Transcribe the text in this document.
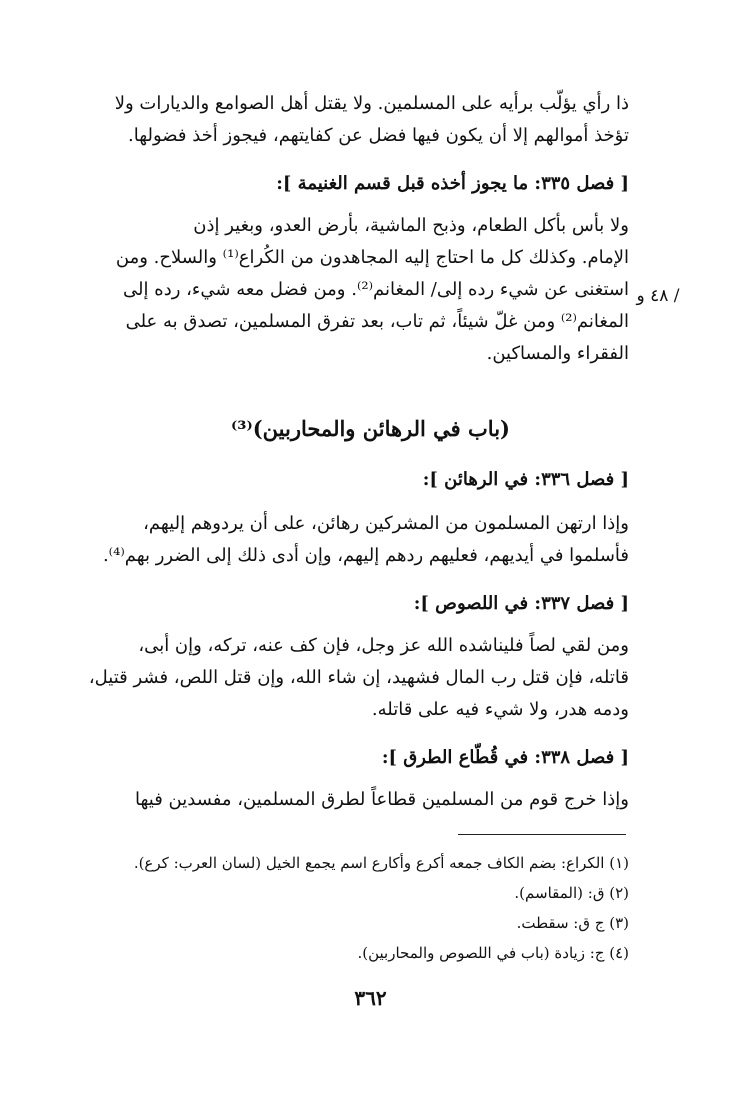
ذا رأي يؤلّب برأيه على المسلمين. ولا يقتل أهل الصوامع والديارات ولا
تؤخذ أموالهم إلا أن يكون فيها فضل عن كفايتهم، فيجوز أخذ فضولها.
[ فصل ٣٣٥: ما يجوز أخذه قبل قسم الغنيمة ]:
ولا بأس بأكل الطعام، وذبح الماشية، بأرض العدو، وبغير إذن
الإمام. وكذلك كل ما احتاج إليه المجاهدون من الكُراع⁽¹⁾ والسلاح. ومن
استغنى عن شيء رده إلى/ المغانم⁽²⁾. ومن فضل معه شيء، رده إلى
المغانم⁽²⁾ ومن غلّ شيئاً، ثم تاب، بعد تفرق المسلمين، تصدق به على
الفقراء والمساكين.
/ ٤٨ و
(باب في الرهائن والمحاربين)⁽³⁾
[ فصل ٣٣٦: في الرهائن ]:
وإذا ارتهن المسلمون من المشركين رهائن، على أن يردوهم إليهم،
فأسلموا في أيديهم، فعليهم ردهم إليهم، وإن أدى ذلك إلى الضرر بهم⁽⁴⁾.
[ فصل ٣٣٧: في اللصوص ]:
ومن لقي لصاً فليناشده الله عز وجل، فإن كف عنه، تركه، وإن أبى،
قاتله، فإن قتل رب المال فشهيد، إن شاء الله، وإن قتل اللص، فشر قتيل،
ودمه هدر، ولا شيء فيه على قاتله.
[ فصل ٣٣٨: في قُطّاع الطرق ]:
وإذا خرج قوم من المسلمين قطاعاً لطرق المسلمين، مفسدين فيها
(١) الكراع: بضم الكاف جمعه أكرع وأكارع اسم يجمع الخيل (لسان العرب: كرع).
(٢) ق: (المقاسم).
(٣) ج ق: سقطت.
(٤) ج: زيادة (باب في اللصوص والمحاربين).
٣٦٢
